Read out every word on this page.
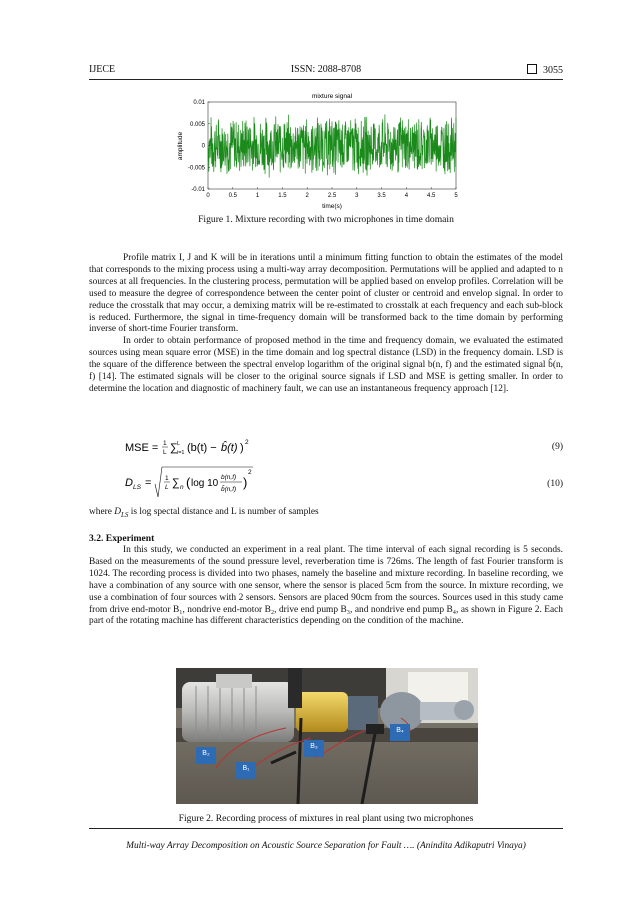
IJECE	ISSN: 2088-8708	3055
mixture signal
0	0.5	1	1.5	2	2.5	3	3.5	4	4.5	5
0.01
0.005
0
-0.005
-0.01
time(s)
amplitude
Figure 1. Mixture recording with two microphones in time domain

Profile matrix I, J and K will be in iterations until a minimum fitting function to obtain the estimates of the model that corresponds to the mixing process using a multi-way array decomposition. Permutations will be applied and adapted to n sources at all frequencies. In the clustering process, permutation will be applied based on envelop profiles. Correlation will be used to measure the degree of correspondence between the center point of cluster or centroid and envelop signal. In order to reduce the crosstalk that may occur, a demixing matrix will be re-estimated to crosstalk at each frequency and each sub-block is reduced. Furthermore, the signal in time-frequency domain will be transformed back to the time domain by performing inverse of short-time Fourier transform.

In order to obtain performance of proposed method in the time and frequency domain, we evaluated the estimated sources using mean square error (MSE) in the time domain and log spectral distance (LSD) in the frequency domain. LSD is the square of the difference between the spectral envelop logarithm of the original signal b(n, f) and the estimated signal b̂(n, f) [14]. The estimated signals will be closer to the original source signals if LSD and MSE is getting smaller. In order to determine the location and diagnostic of machinery fault, we can use an instantaneous frequency approach [12].

MSE = 1
L ∑ L
i=1 (b(t) − b̂(t) ) 2	(9)
D LS = 1
L ∑ n ( log 10
b(n,f)
b̂(n,f) )
2
(10)
where $D_{LS}$ is log spectal distance and L is number of samples
3.2. Experiment

In this study, we conducted an experiment in a real plant. The time interval of each signal recording is 5 seconds. Based on the measurements of the sound pressure level, reverberation time is 726ms. The length of fast Fourier transform is 1024. The recording process is divided into two phases, namely the baseline and mixture recording. In baseline recording, we have a combination of any source with one sensor, where the sensor is placed 5cm from the source. In mixture recording, we use a combination of four sources with 2 sensors. Sensors are placed 90cm from the sources. Sources used in this study came from drive end-motor B₁, nondrive end-motor B₂, drive end pump B₃, and nondrive end pump B₄, as shown in Figure 2. Each part of the rotating machine has different characteristics depending on the condition of the machine.

B₂
B₁
B₃
B₄
Figure 2. Recording process of mixtures in real plant using two microphones
Multi-way Array Decomposition on Acoustic Source Separation for Fault …. (Anindita Adikaputri Vinaya)
